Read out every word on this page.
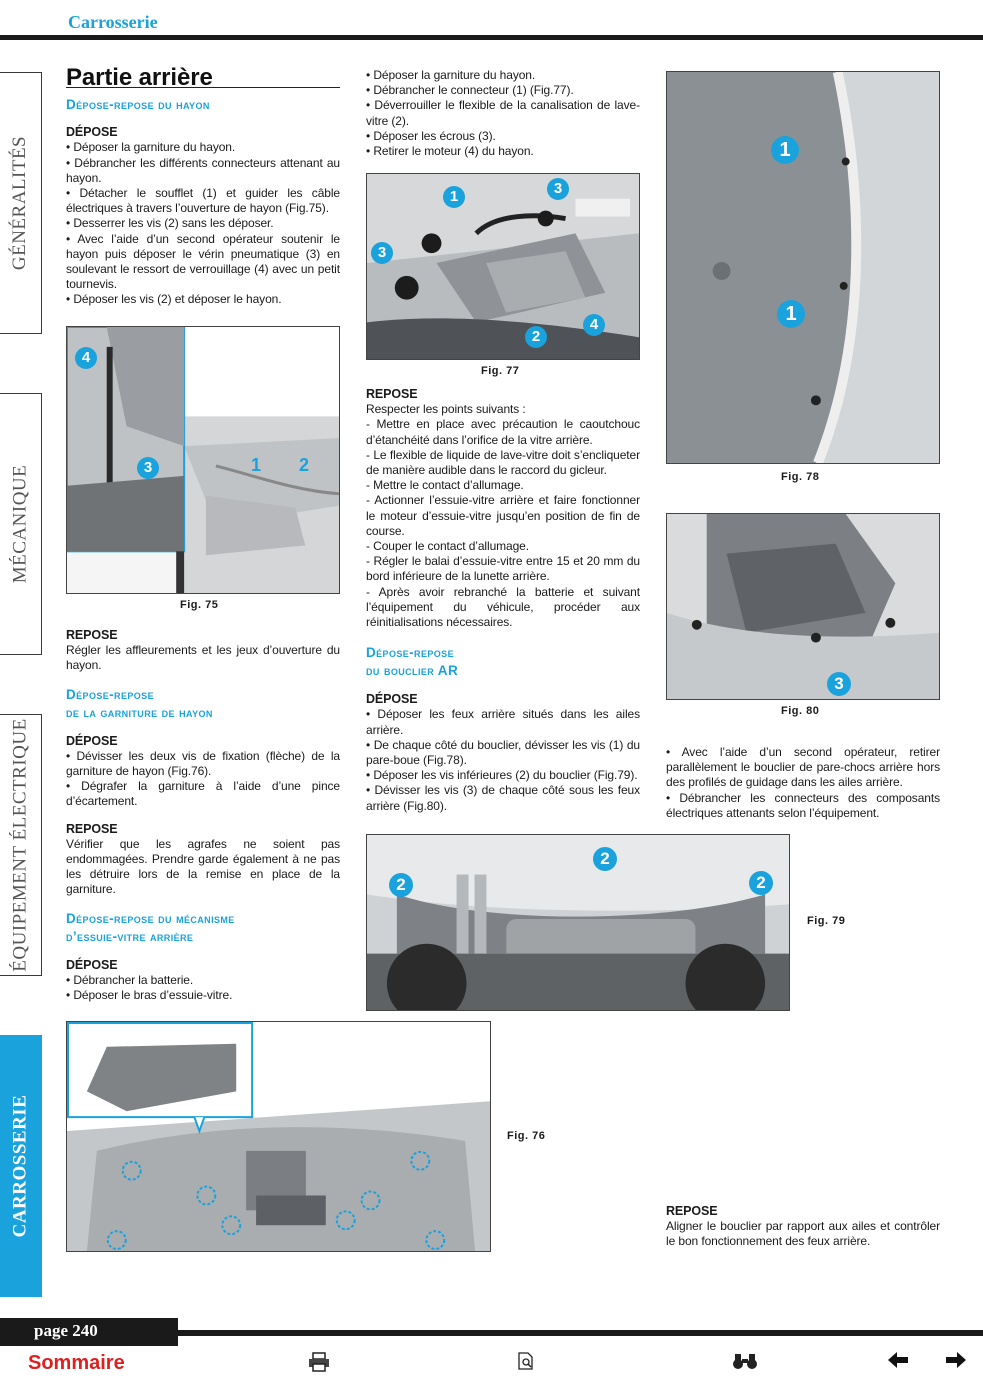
Carrosserie
GÉNÉRALITÉS
MÉCANIQUE
ÉQUIPEMENT ÉLECTRIQUE
CARROSSERIE
Partie arrière
Dépose-repose du hayon
DÉPOSE

• Déposer la garniture du hayon.

• Débrancher les différents connecteurs attenant au hayon.

• Détacher le soufflet (1) et guider les câble électriques à travers l’ouverture de hayon (Fig.75).

• Desserrer les vis (2) sans les déposer.

• Avec l’aide d’un second opérateur soutenir le hayon puis déposer le vérin pneumatique (3) en soulevant le ressort de verrouillage (4) avec un petit tournevis.

• Déposer les vis (2) et déposer le hayon.

4
3	1 2
Fig. 75
REPOSE

Régler les affleurements et les jeux d’ouverture du hayon.

Dépose-repose
de la garniture de hayon
DÉPOSE

• Dévisser les deux vis de fixation (flèche) de la garniture de hayon (Fig.76).

• Dégrafer la garniture à l’aide d’une pince d’écartement.

REPOSE

Vérifier que les agrafes ne soient pas endommagées. Prendre garde également à ne pas les détruire lors de la remise en place de la garniture.

Dépose-repose du mécanisme
d’essuie-vitre arrière
DÉPOSE

• Débrancher la batterie.

• Déposer le bras d’essuie-vitre.

• Déposer la garniture du hayon.

• Débrancher le connecteur (1) (Fig.77).

• Déverrouiller le flexible de la canalisation de lave-vitre (2).

• Déposer les écrous (3).

• Retirer le moteur (4) du hayon.

1	3
3
2
4
Fig. 77
REPOSE

Respecter les points suivants :

- Mettre en place avec précaution le caoutchouc d’étanchéité dans l’orifice de la vitre arrière.

- Le flexible de liquide de lave-vitre doit s’encliqueter de manière audible dans le raccord du gicleur.

- Mettre le contact d’allumage.

- Actionner l’essuie-vitre arrière et faire fonctionner le moteur d’essuie-vitre jusqu’en position de fin de course.

- Couper le contact d’allumage.

- Régler le balai d’essuie-vitre entre 15 et 20 mm du bord inférieure de la lunette arrière.

- Après avoir rebranché la batterie et suivant l’équipement du véhicule, procéder aux réinitialisations nécessaires.

Dépose-repose
du bouclier AR
DÉPOSE

• Déposer les feux arrière situés dans les ailes arrière.

• De chaque côté du bouclier, dévisser les vis (1) du pare-boue (Fig.78).

• Déposer les vis inférieures (2) du bouclier (Fig.79).

• Dévisser les vis (3) de chaque côté sous les feux arrière (Fig.80).

1
1
Fig. 78
3
Fig. 80

• Avec l’aide d’un second opérateur, retirer parallèlement le bouclier de pare-chocs arrière hors des profilés de guidage dans les ailes arrière.

• Débrancher les connecteurs des composants électriques attenants selon l’équipement.

2
2
2
Fig. 79
Fig. 76
REPOSE

Aligner le bouclier par rapport aux ailes et contrôler le bon fonctionnement des feux arrière.

page 240
Sommaire
